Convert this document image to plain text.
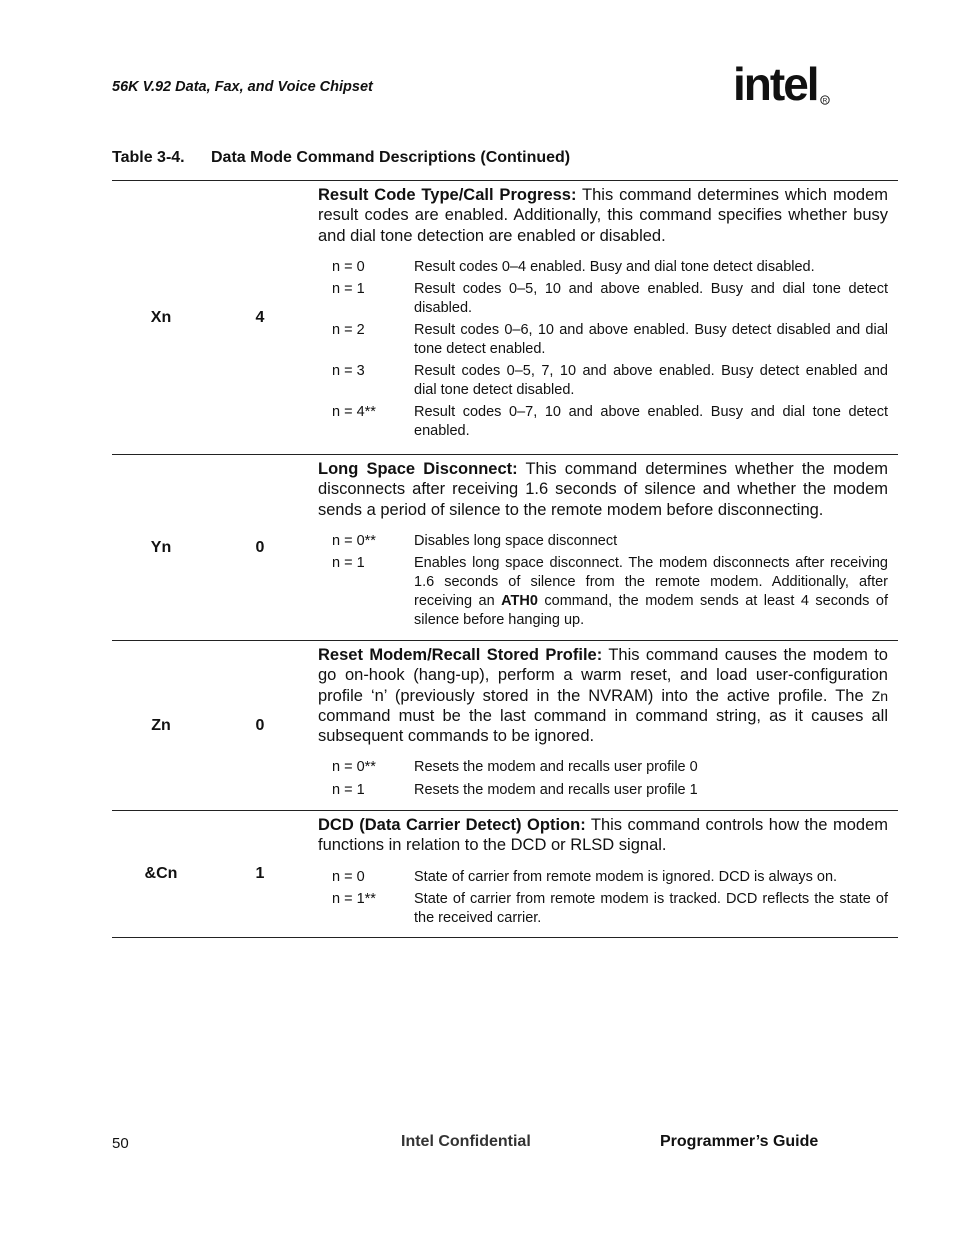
56K V.92 Data, Fax, and Voice Chipset	intel R
Table 3-4. Data Mode Command Descriptions (Continued)
Xn	4

Result Code Type/Call Progress: This command determines which modem result codes are enabled. Additionally, this command specifies whether busy and dial tone detection are enabled or disabled.

n = 0	Result codes 0–4 enabled. Busy and dial tone detect disabled.
n = 1	Result codes 0–5, 10 and above enabled. Busy and dial tone detect disabled.
n = 2	Result codes 0–6, 10 and above enabled. Busy detect disabled and dial tone detect enabled.
n = 3	Result codes 0–5, 7, 10 and above enabled. Busy detect enabled and dial tone detect disabled.
n = 4**	Result codes 0–7, 10 and above enabled. Busy and dial tone detect enabled.
Yn	0

Long Space Disconnect: This command determines whether the modem disconnects after receiving 1.6 seconds of silence and whether the modem sends a period of silence to the remote modem before disconnecting.

n = 0**	Disables long space disconnect
n = 1	Enables long space disconnect. The modem disconnects after receiving 1.6 seconds of silence from the remote modem. Additionally, after receiving an ATH0 command, the modem sends at least 4 seconds of silence before hanging up.
Zn	0

Reset Modem/Recall Stored Profile: This command causes the modem to go on-hook (hang-up), perform a warm reset, and load user-configuration profile ‘n’ (previously stored in the NVRAM) into the active profile. The Zn command must be the last command in command string, as it causes all subsequent commands to be ignored.

n = 0**	Resets the modem and recalls user profile 0
n = 1	Resets the modem and recalls user profile 1
&Cn	1

DCD (Data Carrier Detect) Option: This command controls how the modem functions in relation to the DCD or RLSD signal.

n = 0	State of carrier from remote modem is ignored. DCD is always on.
n = 1**	State of carrier from remote modem is tracked. DCD reflects the state of the received carrier.
50	Intel Confidential	Programmer’s Guide
